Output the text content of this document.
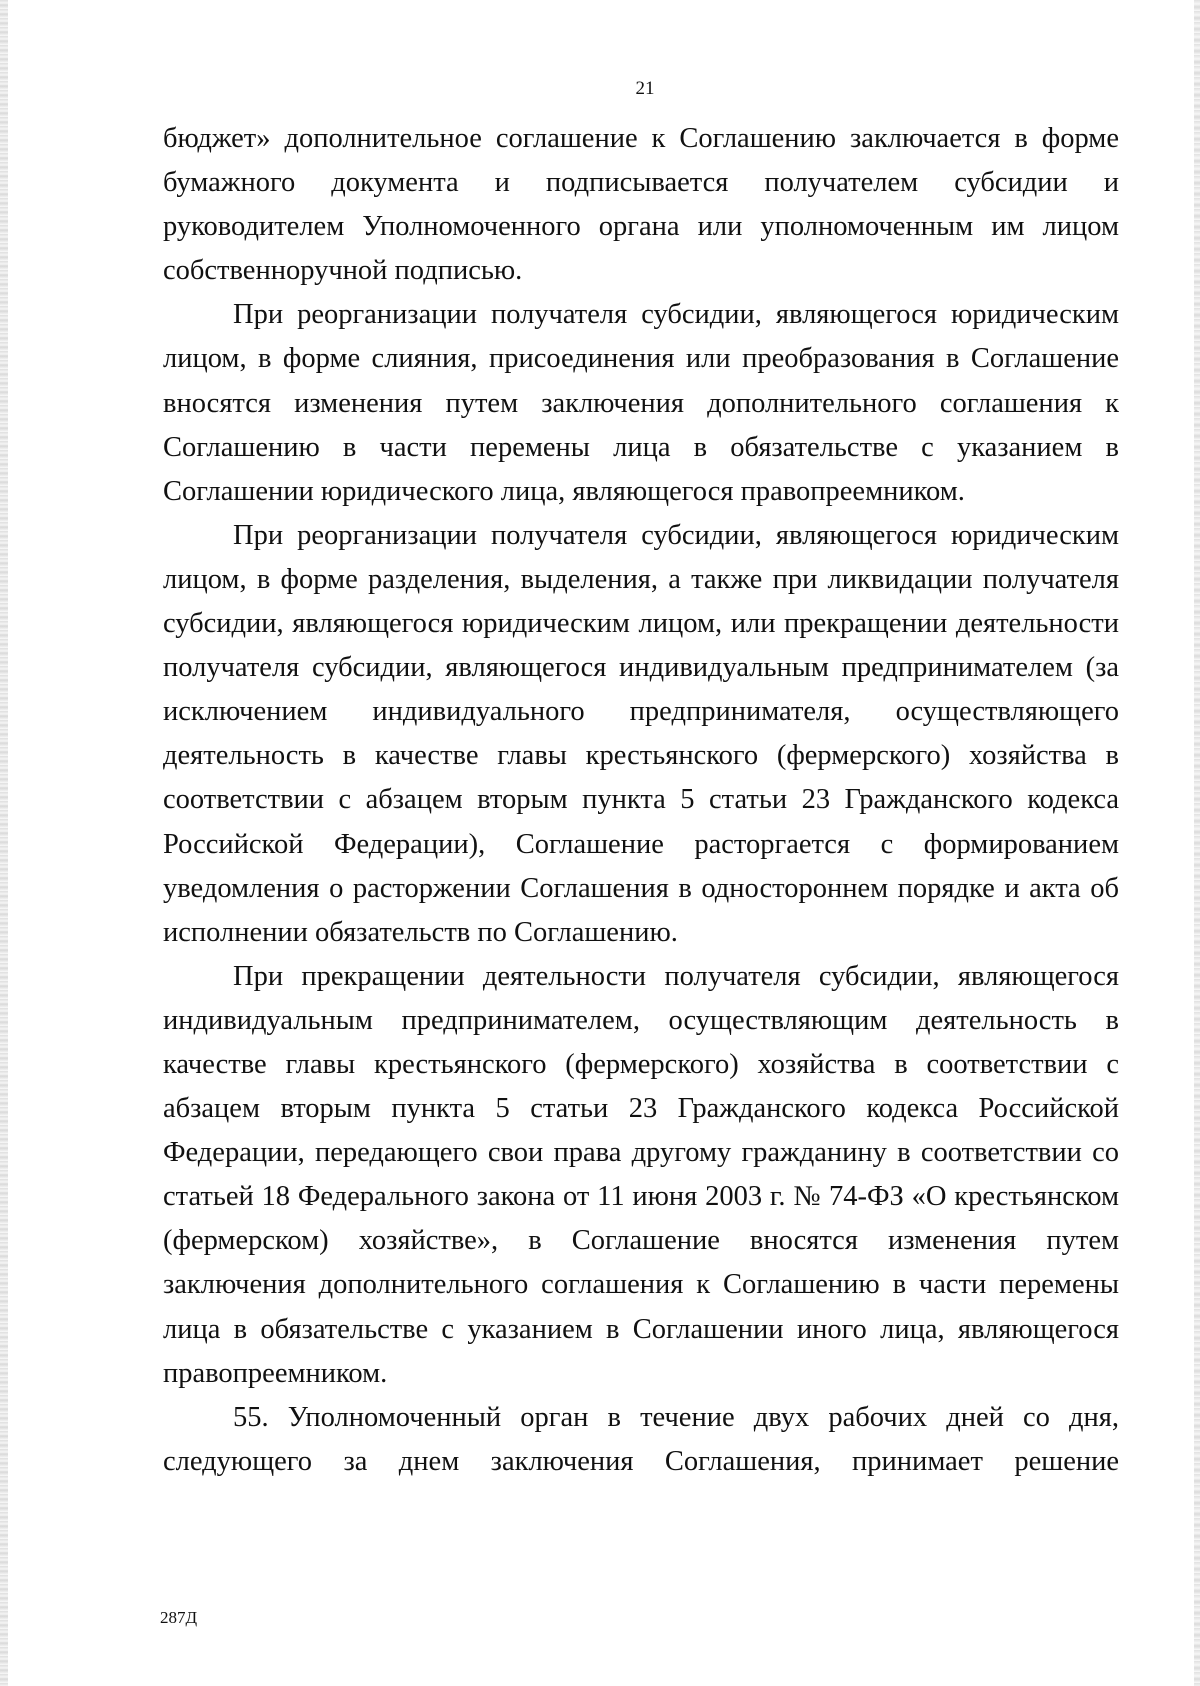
21

бюджет» дополнительное соглашение к Соглашению заключается в форме бумажного документа и подписывается получателем субсидии и руководителем Уполномоченного органа или уполномоченным им лицом собственноручной подписью.

При реорганизации получателя субсидии, являющегося юридическим лицом, в форме слияния, присоединения или преобразования в Соглашение вносятся изменения путем заключения дополнительного соглашения к Соглашению в части перемены лица в обязательстве с указанием в Соглашении юридического лица, являющегося правопреемником.

При реорганизации получателя субсидии, являющегося юридическим лицом, в форме разделения, выделения, а также при ликвидации получателя субсидии, являющегося юридическим лицом, или прекращении деятельности получателя субсидии, являющегося индивидуальным предпринимателем (за исключением индивидуального предпринимателя, осуществляющего деятельность в качестве главы крестьянского (фермерского) хозяйства в соответствии с абзацем вторым пункта 5 статьи 23 Гражданского кодекса Российской Федерации), Соглашение расторгается с формированием уведомления о расторжении Соглашения в одностороннем порядке и акта об исполнении обязательств по Соглашению.

При прекращении деятельности получателя субсидии, являющегося индивидуальным предпринимателем, осуществляющим деятельность в качестве главы крестьянского (фермерского) хозяйства в соответствии с абзацем вторым пункта 5 статьи 23 Гражданского кодекса Российской Федерации, передающего свои права другому гражданину в соответствии со статьей 18 Федерального закона от 11 июня 2003 г. № 74-ФЗ «О крестьянском (фермерском) хозяйстве», в Соглашение вносятся изменения путем заключения дополнительного соглашения к Соглашению в части перемены лица в обязательстве с указанием в Соглашении иного лица, являющегося правопреемником.

55. Уполномоченный орган в течение двух рабочих дней со дня, следующего за днем заключения Соглашения, принимает решение

287Д
